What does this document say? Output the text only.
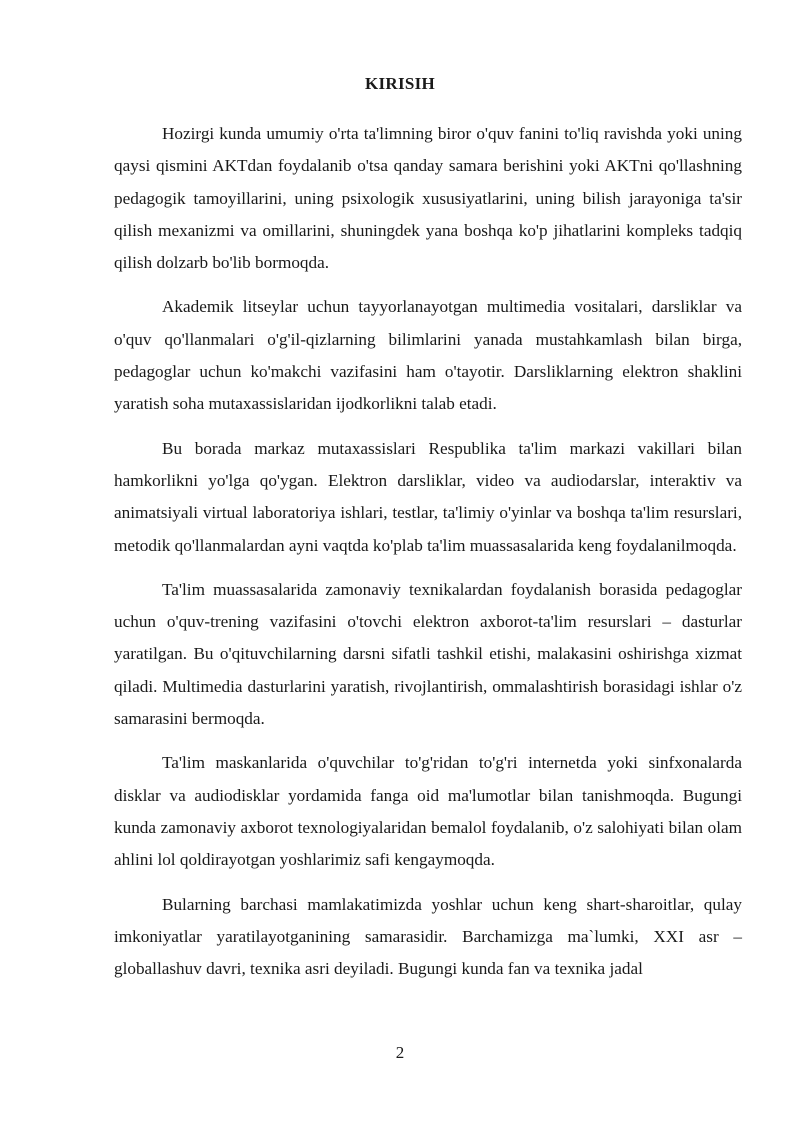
KIRISIH

Hozirgi kunda umumiy o'rta ta'limning biror o'quv fanini to'liq ravishda yoki uning qaysi qismini AKTdan foydalanib o'tsa qanday samara berishini yoki AKTni qo'llashning pedagogik tamoyillarini, uning psixologik xususiyatlarini, uning bilish jarayoniga ta'sir qilish mexanizmi va omillarini, shuningdek yana boshqa ko'p jihatlarini kompleks tadqiq qilish dolzarb bo'lib bormoqda.

Akademik litseylar uchun tayyorlanayotgan multimedia vositalari, darsliklar va o'quv qo'llanmalari o'g'il-qizlarning bilimlarini yanada mustahkamlash bilan birga, pedagoglar uchun ko'makchi vazifasini ham o'tayotir. Darsliklarning elektron shaklini yaratish soha mutaxassislaridan ijodkorlikni talab etadi.

Bu borada markaz mutaxassislari Respublika ta'lim markazi vakillari bilan hamkorlikni yo'lga qo'ygan. Elektron darsliklar, video va audiodarslar, interaktiv va animatsiyali virtual laboratoriya ishlari, testlar, ta'limiy o'yinlar va boshqa ta'lim resurslari, metodik qo'llanmalardan ayni vaqtda ko'plab ta'lim muassasalarida keng foydalanilmoqda.

Ta'lim muassasalarida zamonaviy texnikalardan foydalanish borasida pedagoglar uchun o'quv-trening vazifasini o'tovchi elektron axborot-ta'lim resurslari – dasturlar yaratilgan. Bu o'qituvchilarning darsni sifatli tashkil etishi, malakasini oshirishga xizmat qiladi. Multimedia dasturlarini yaratish, rivojlantirish, ommalashtirish borasidagi ishlar o'z samarasini bermoqda.

Ta'lim maskanlarida o'quvchilar to'g'ridan to'g'ri internetda yoki sinfxonalarda disklar va audiodisklar yordamida fanga oid ma'lumotlar bilan tanishmoqda. Bugungi kunda zamonaviy axborot texnologiyalaridan bemalol foydalanib, o'z salohiyati bilan olam ahlini lol qoldirayotgan yoshlarimiz safi kengaymoqda.

Bularning barchasi mamlakatimizda yoshlar uchun keng shart-sharoitlar, qulay imkoniyatlar yaratilayotganining samarasidir. Barchamizga ma`lumki, XXI asr – globallashuv davri, texnika asri deyiladi. Bugungi kunda fan va texnika jadal

2
